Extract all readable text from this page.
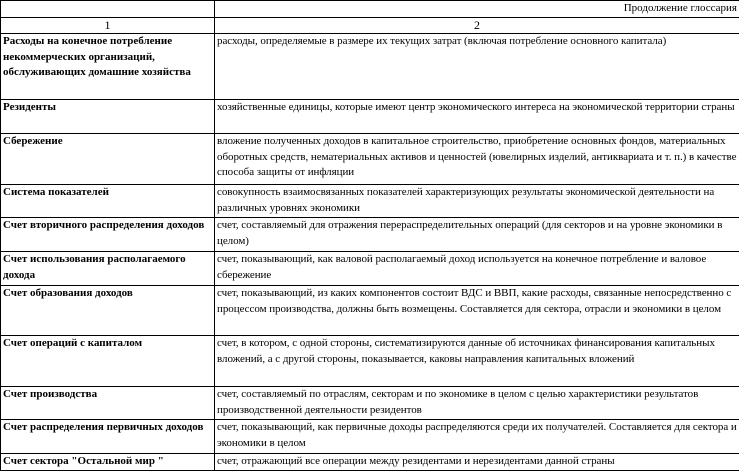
	Продолжение глоссария
1	2
Расходы на конечное потребление некоммерческих организаций, обслуживающих домашние хозяйства	расходы, определяемые в размере их текущих затрат (включая потребление основного капитала)
Резиденты	хозяйственные единицы, которые имеют центр экономического интереса на экономической территории страны
Сбережение	вложение полученных доходов в капитальное строительство, приобретение основных фондов, материальных оборотных средств, нематериальных активов и ценностей (ювелирных изделий, антиквариата и т. п.) в качестве способа защиты от инфляции
Система показателей	совокупность взаимосвязанных показателей характеризующих результаты экономической деятельности на различных уровнях экономики
Счет вторичного распределения доходов	счет, составляемый для отражения перераспределительных операций (для секторов и на уровне экономики в целом)
Счет использования располагаемого дохода	счет, показывающий, как валовой располагаемый доход используется на конечное потребление и валовое сбережение
Счет образования доходов	счет, показывающий, из каких компонентов состоит ВДС и ВВП, какие расходы, связанные непосредственно с процессом производства, должны быть возмещены. Составляется для сектора, отрасли и экономики в целом
Счет операций с капиталом	счет, в котором, с одной стороны, систематизируются данные об источниках финансирования капитальных вложений, а с другой стороны, показывается, каковы направления капитальных вложений
Счет производства	счет, составляемый по отраслям, секторам и по экономике в целом с целью характеристики результатов производственной деятельности резидентов
Счет распределения первичных доходов	счет, показывающий, как первичные доходы распределяются среди их получателей. Составляется для сектора и экономики в целом
Счет сектора "Остальной мир "	счет, отражающий все операции между резидентами и нерезидентами данной страны
